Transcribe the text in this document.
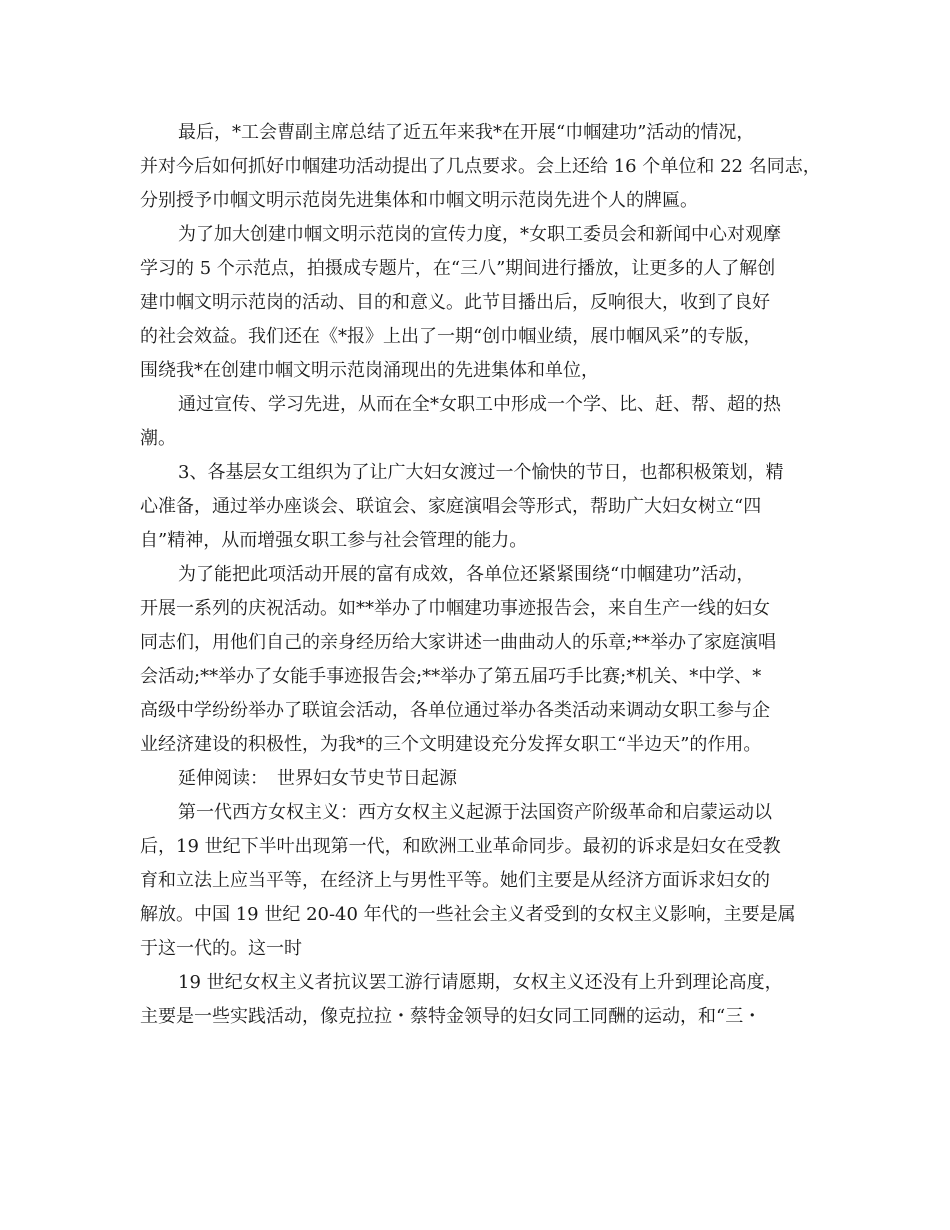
最后，*工会曹副主席总结了近五年来我*在开展“巾帼建功”活动的情况，
并对今后如何抓好巾帼建功活动提出了几点要求。会上还给 16 个单位和 22 名同志，
分别授予巾帼文明示范岗先进集体和巾帼文明示范岗先进个人的牌匾。
为了加大创建巾帼文明示范岗的宣传力度，*女职工委员会和新闻中心对观摩
学习的 5 个示范点，拍摄成专题片，在“三八”期间进行播放，让更多的人了解创
建巾帼文明示范岗的活动、目的和意义。此节目播出后，反响很大，收到了良好
的社会效益。我们还在《*报》上出了一期“创巾帼业绩，展巾帼风采”的专版，
围绕我*在创建巾帼文明示范岗涌现出的先进集体和单位，
通过宣传、学习先进，从而在全*女职工中形成一个学、比、赶、帮、超的热
潮。
3、各基层女工组织为了让广大妇女渡过一个愉快的节日，也都积极策划，精
心准备，通过举办座谈会、联谊会、家庭演唱会等形式，帮助广大妇女树立“四
自”精神，从而增强女职工参与社会管理的能力。
为了能把此项活动开展的富有成效，各单位还紧紧围绕“巾帼建功”活动，
开展一系列的庆祝活动。如**举办了巾帼建功事迹报告会，来自生产一线的妇女
同志们，用他们自己的亲身经历给大家讲述一曲曲动人的乐章;**举办了家庭演唱
会活动;**举办了女能手事迹报告会;**举办了第五届巧手比赛;*机关、*中学、*
高级中学纷纷举办了联谊会活动，各单位通过举办各类活动来调动女职工参与企
业经济建设的积极性，为我*的三个文明建设充分发挥女职工“半边天”的作用。
延伸阅读：　世界妇女节史节日起源
第一代西方女权主义：西方女权主义起源于法国资产阶级革命和启蒙运动以
后，19 世纪下半叶出现第一代，和欧洲工业革命同步。最初的诉求是妇女在受教
育和立法上应当平等，在经济上与男性平等。她们主要是从经济方面诉求妇女的
解放。中国 19 世纪 20-40 年代的一些社会主义者受到的女权主义影响，主要是属
于这一代的。这一时
19 世纪女权主义者抗议罢工游行请愿期，女权主义还没有上升到理论高度，
主要是一些实践活动，像克拉拉・蔡特金领导的妇女同工同酬的运动，和“三・
